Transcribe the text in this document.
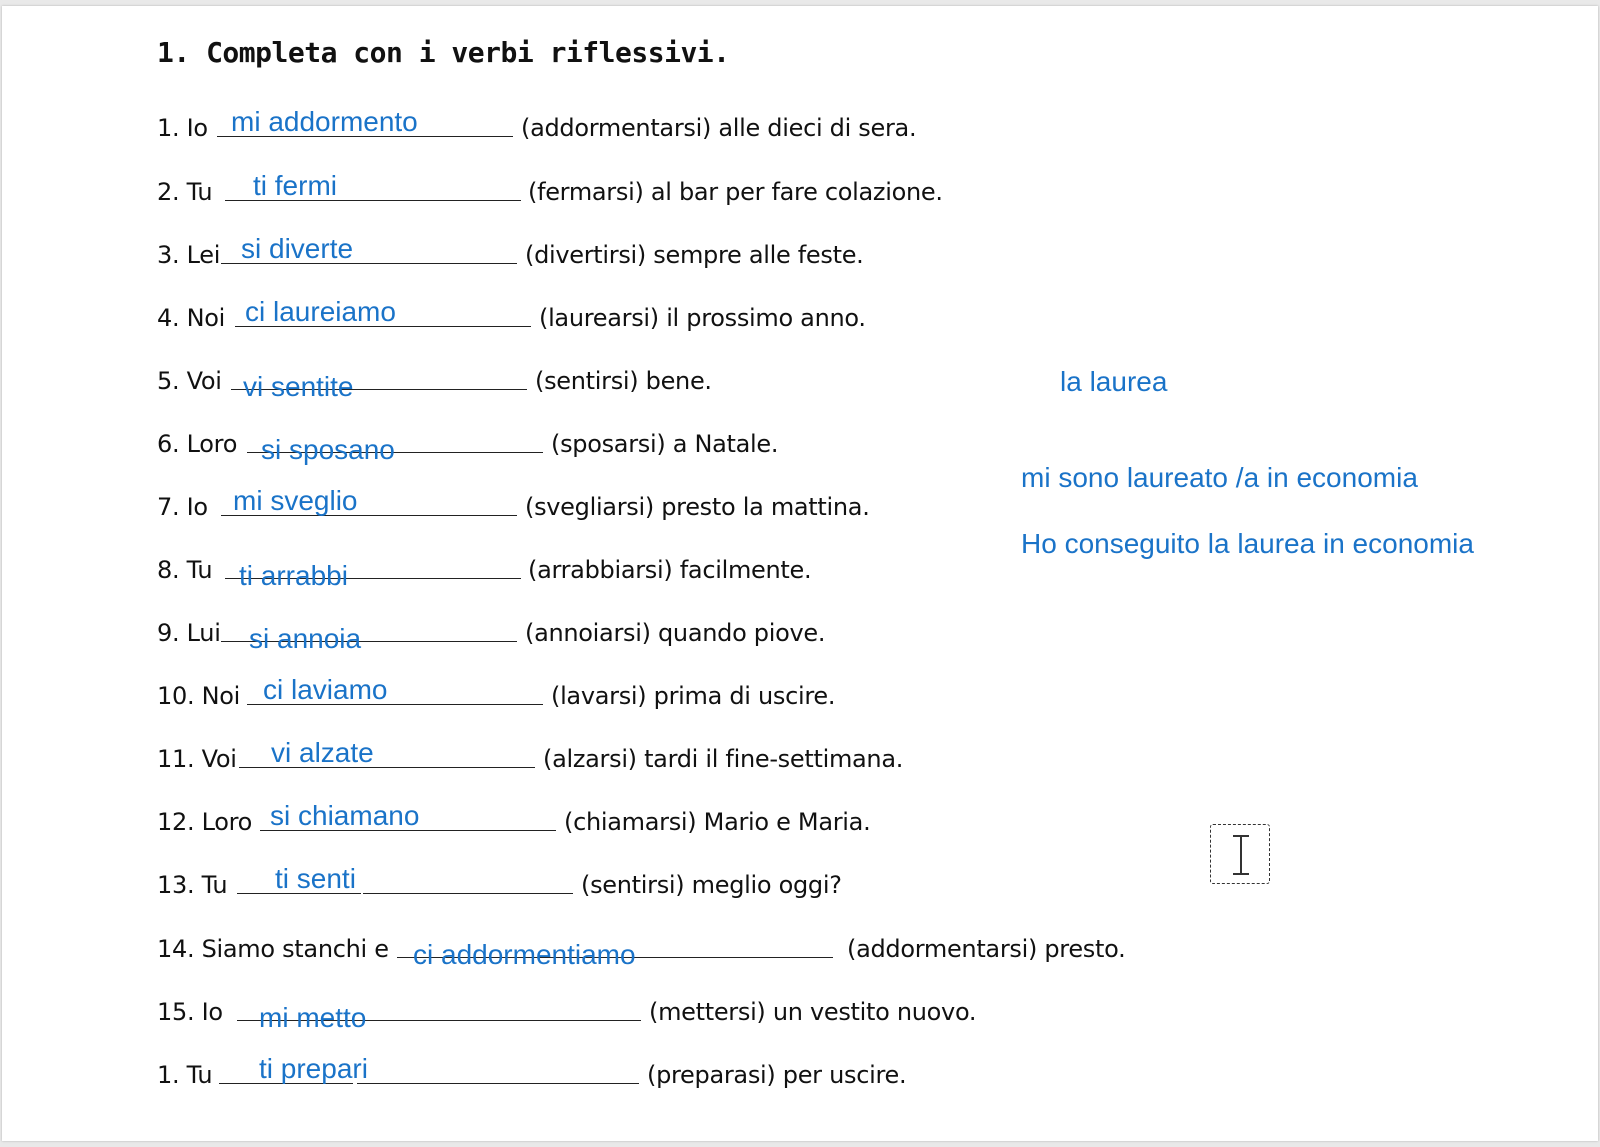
1. Completa con i verbi riflessivi.
1. Io mi addormento	(addormentarsi) alle dieci di sera.
2. Tu ti fermi	(fermarsi) al bar per fare colazione.
3. Lei si diverte	(divertirsi) sempre alle feste.
4. Noi ci laureiamo	(laurearsi) il prossimo anno.
5. Voi vi sentite	(sentirsi) bene.
6. Loro si sposano	(sposarsi) a Natale.
7. Io mi sveglio	(svegliarsi) presto la mattina.
8. Tu ti arrabbi	(arrabbiarsi) facilmente.
9. Lui si annoia	(annoiarsi) quando piove.
10. Noi ci laviamo	(lavarsi) prima di uscire.
11. Voi vi alzate	(alzarsi) tardi il fine-settimana.
12. Loro si chiamano	(chiamarsi) Mario e Maria.
13. Tu ti senti	(sentirsi) meglio oggi?
14. Siamo stanchi e ci addormentiamo	(addormentarsi) presto.
15. Io mi metto	(mettersi) un vestito nuovo.
1. Tu ti prepari	(preparasi) per uscire.
la laurea
mi sono laureato /a in economia
Ho conseguito la laurea in economia
